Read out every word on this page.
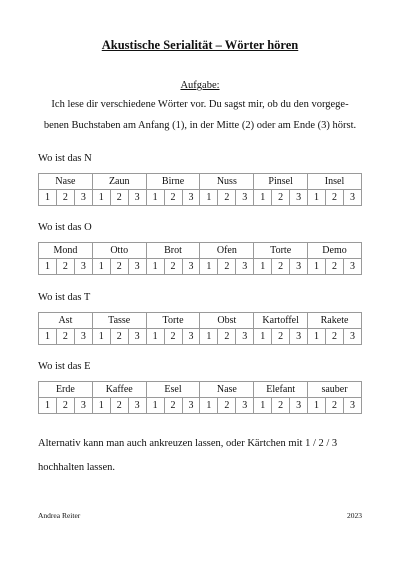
Akustische Serialität – Wörter hören
Aufgabe:
Ich lese dir verschiedene Wörter vor. Du sagst mir, ob du den vorgege-
benen Buchstaben am Anfang (1), in der Mitte (2) oder am Ende (3) hörst.
Wo ist das N
Nase			Zaun			Birne			Nuss			Pinsel			Insel		
1	2	3	1	2	3	1	2	3	1	2	3	1	2	3	1	2	3
Wo ist das O
Mond			Otto			Brot			Ofen			Torte			Demo		
1	2	3	1	2	3	1	2	3	1	2	3	1	2	3	1	2	3
Wo ist das T
Ast			Tasse			Torte			Obst			Kartoffel			Rakete		
1	2	3	1	2	3	1	2	3	1	2	3	1	2	3	1	2	3
Wo ist das E
Erde			Kaffee			Esel			Nase			Elefant			sauber		
1	2	3	1	2	3	1	2	3	1	2	3	1	2	3	1	2	3
Alternativ kann man auch ankreuzen lassen, oder Kärtchen mit 1 / 2 / 3
hochhalten lassen.
Andrea Reiter	2023
